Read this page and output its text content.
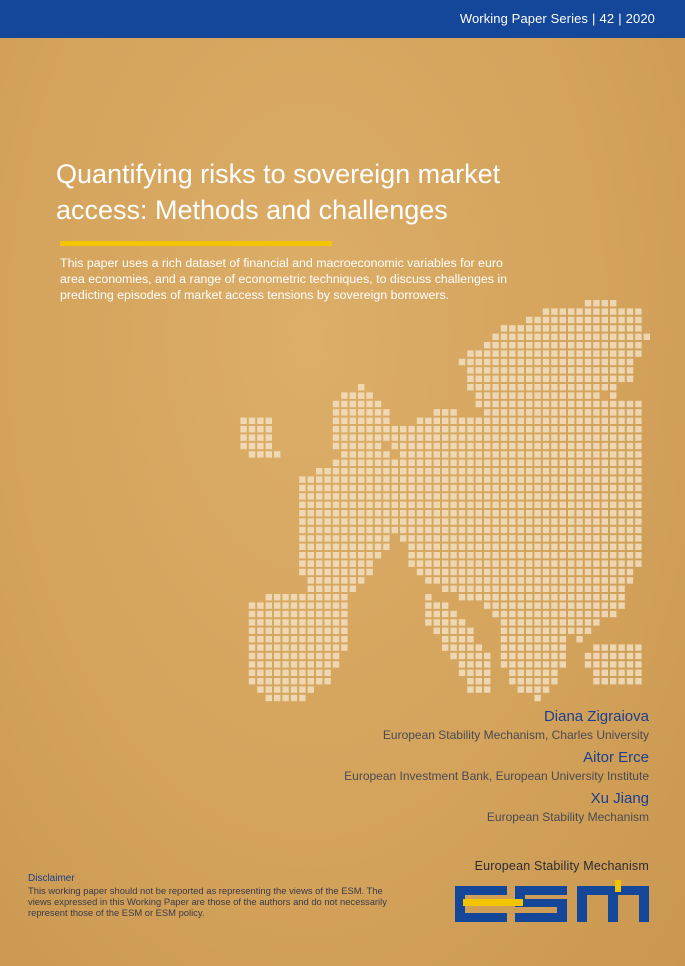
Working Paper Series | 42 | 2020
Quantifying risks to sovereign market access: Methods and challenges

This paper uses a rich dataset of financial and macroeconomic variables for euro area economies, and a range of econometric techniques, to discuss challenges in predicting episodes of market access tensions by sovereign borrowers.

Diana Zigraiova
European Stability Mechanism, Charles University
Aitor Erce
European Investment Bank, European University Institute
Xu Jiang
European Stability Mechanism
Disclaimer
This working paper should not be reported as representing the views of the ESM. The views expressed in this Working Paper are those of the authors and do not necessarily represent those of the ESM or ESM policy.
European Stability Mechanism
